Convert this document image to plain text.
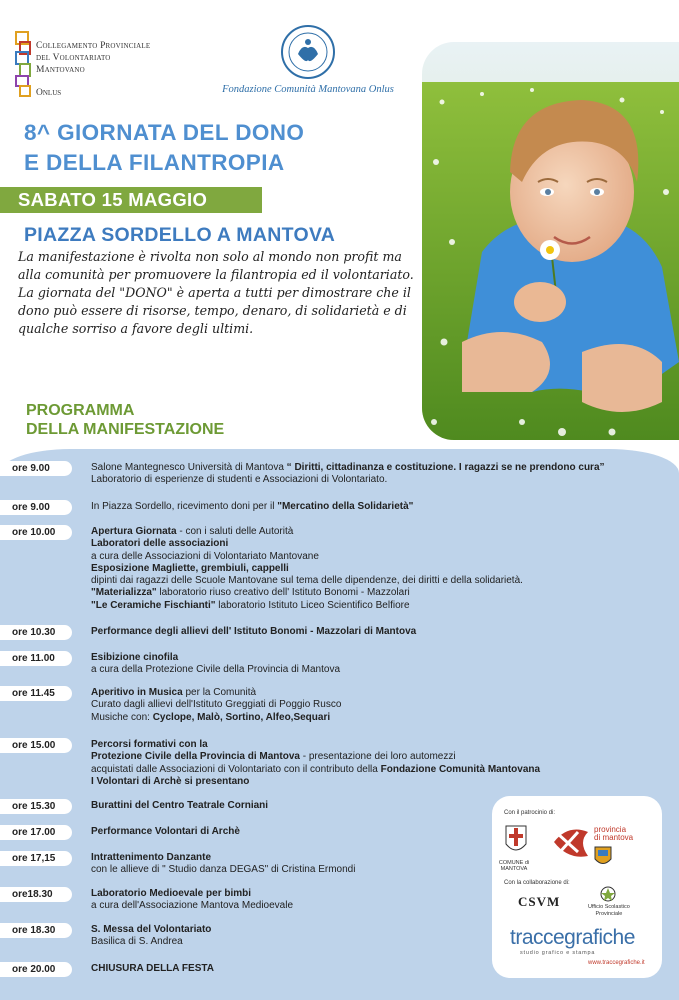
Collegamento Provinciale
del Volontariato
Mantovano
Onlus	Fondazione Comunità Mantovana Onlus
8^ GIORNATA DEL DONO
E DELLA FILANTROPIA
SABATO 15 MAGGIO
PIAZZA SORDELLO A MANTOVA

La manifestazione è rivolta non solo al mondo non profit ma alla comunità per promuovere la filantropia ed il volontariato.

La giornata del "DONO" è aperta a tutti per dimostrare che il dono può essere di risorse, tempo, denaro, di solidarietà e di qualche sorriso a favore degli ultimi.

PROGRAMMA
DELLA MANIFESTAZIONE
ore 9.00	Salone Mantegnesco Università di Mantova “ Diritti, cittadinanza e costituzione. I ragazzi se ne prendono cura”
Laboratorio di esperienze di studenti e Associazioni di Volontariato.
ore 9.00	In Piazza Sordello, ricevimento doni per il "Mercatino della Solidarietà"
ore 10.00	Apertura Giornata - con i saluti delle Autorità
Laboratori delle associazioni
a cura delle Associazioni di Volontariato Mantovane
Esposizione Magliette, grembiuli, cappelli
dipinti dai ragazzi delle Scuole Mantovane sul tema delle dipendenze, dei diritti e della solidarietà.
"Materializza" laboratorio riuso creativo dell' Istituto Bonomi - Mazzolari
"Le Ceramiche Fischianti" laboratorio Istituto Liceo Scientifico Belfiore
ore 10.30	Performance degli allievi dell' Istituto Bonomi - Mazzolari di Mantova
ore 11.00	Esibizione cinofila
a cura della Protezione Civile della Provincia di Mantova
ore 11.45	Aperitivo in Musica per la Comunità
Curato dagli allievi dell'Istituto Greggiati di Poggio Rusco
Musiche con: Cyclope, Malò, Sortino, Alfeo,Sequari
ore 15.00	Percorsi formativi con la
Protezione Civile della Provincia di Mantova - presentazione dei loro automezzi
acquistati dalle Associazioni di Volontariato con il contributo della Fondazione Comunità Mantovana
I Volontari di Archè si presentano
ore 15.30	Burattini del Centro Teatrale Corniani
ore 17.00	Performance Volontari di Archè
ore 17,15	Intrattenimento Danzante
con le allieve di " Studio danza DEGAS" di Cristina Ermondi
ore18.30	Laboratorio Medioevale per bimbi
a cura dell'Associazione Mantova Medioevale
ore 18.30	S. Messa del Volontariato
Basilica di S. Andrea
ore 20.00	CHIUSURA DELLA FESTA
Con il patrocinio di:
COMUNE di MANTOVA
provincia
di mantova
Con la collaborazione di:
CSVM	Ufficio Scolastico
Provinciale
traccegrafiche
studio grafico e stampa
www.traccegrafiche.it
